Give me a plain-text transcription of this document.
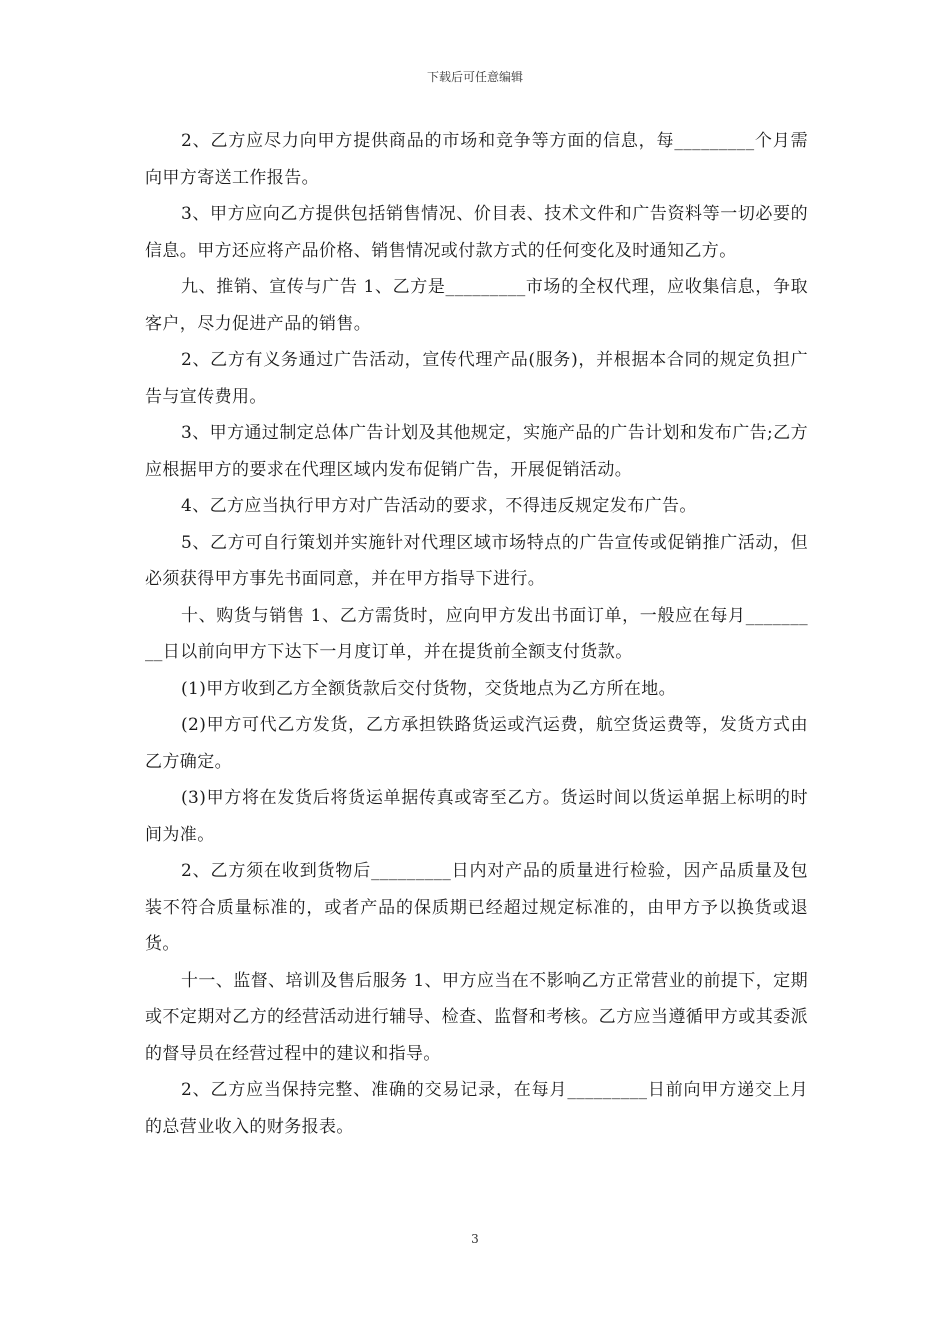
下载后可任意编辑

2、乙方应尽力向甲方提供商品的市场和竞争等方面的信息，每_________个月需向甲方寄送工作报告。

3、甲方应向乙方提供包括销售情况、价目表、技术文件和广告资料等一切必要的信息。甲方还应将产品价格、销售情况或付款方式的任何变化及时通知乙方。

九、推销、宣传与广告 1、乙方是_________市场的全权代理，应收集信息，争取客户，尽力促进产品的销售。

2、乙方有义务通过广告活动，宣传代理产品(服务)，并根据本合同的规定负担广告与宣传费用。

3、甲方通过制定总体广告计划及其他规定，实施产品的广告计划和发布广告;乙方应根据甲方的要求在代理区域内发布促销广告，开展促销活动。

4、乙方应当执行甲方对广告活动的要求，不得违反规定发布广告。

5、乙方可自行策划并实施针对代理区域市场特点的广告宣传或促销推广活动，但必须获得甲方事先书面同意，并在甲方指导下进行。

十、购货与销售 1、乙方需货时，应向甲方发出书面订单，一般应在每月_________日以前向甲方下达下一月度订单，并在提货前全额支付货款。

(1)甲方收到乙方全额货款后交付货物，交货地点为乙方所在地。

(2)甲方可代乙方发货，乙方承担铁路货运或汽运费，航空货运费等，发货方式由乙方确定。

(3)甲方将在发货后将货运单据传真或寄至乙方。货运时间以货运单据上标明的时间为准。

2、乙方须在收到货物后_________日内对产品的质量进行检验，因产品质量及包装不符合质量标准的，或者产品的保质期已经超过规定标准的，由甲方予以换货或退货。

十一、监督、培训及售后服务 1、甲方应当在不影响乙方正常营业的前提下，定期或不定期对乙方的经营活动进行辅导、检查、监督和考核。乙方应当遵循甲方或其委派的督导员在经营过程中的建议和指导。

2、乙方应当保持完整、准确的交易记录，在每月_________日前向甲方递交上月的总营业收入的财务报表。

3
